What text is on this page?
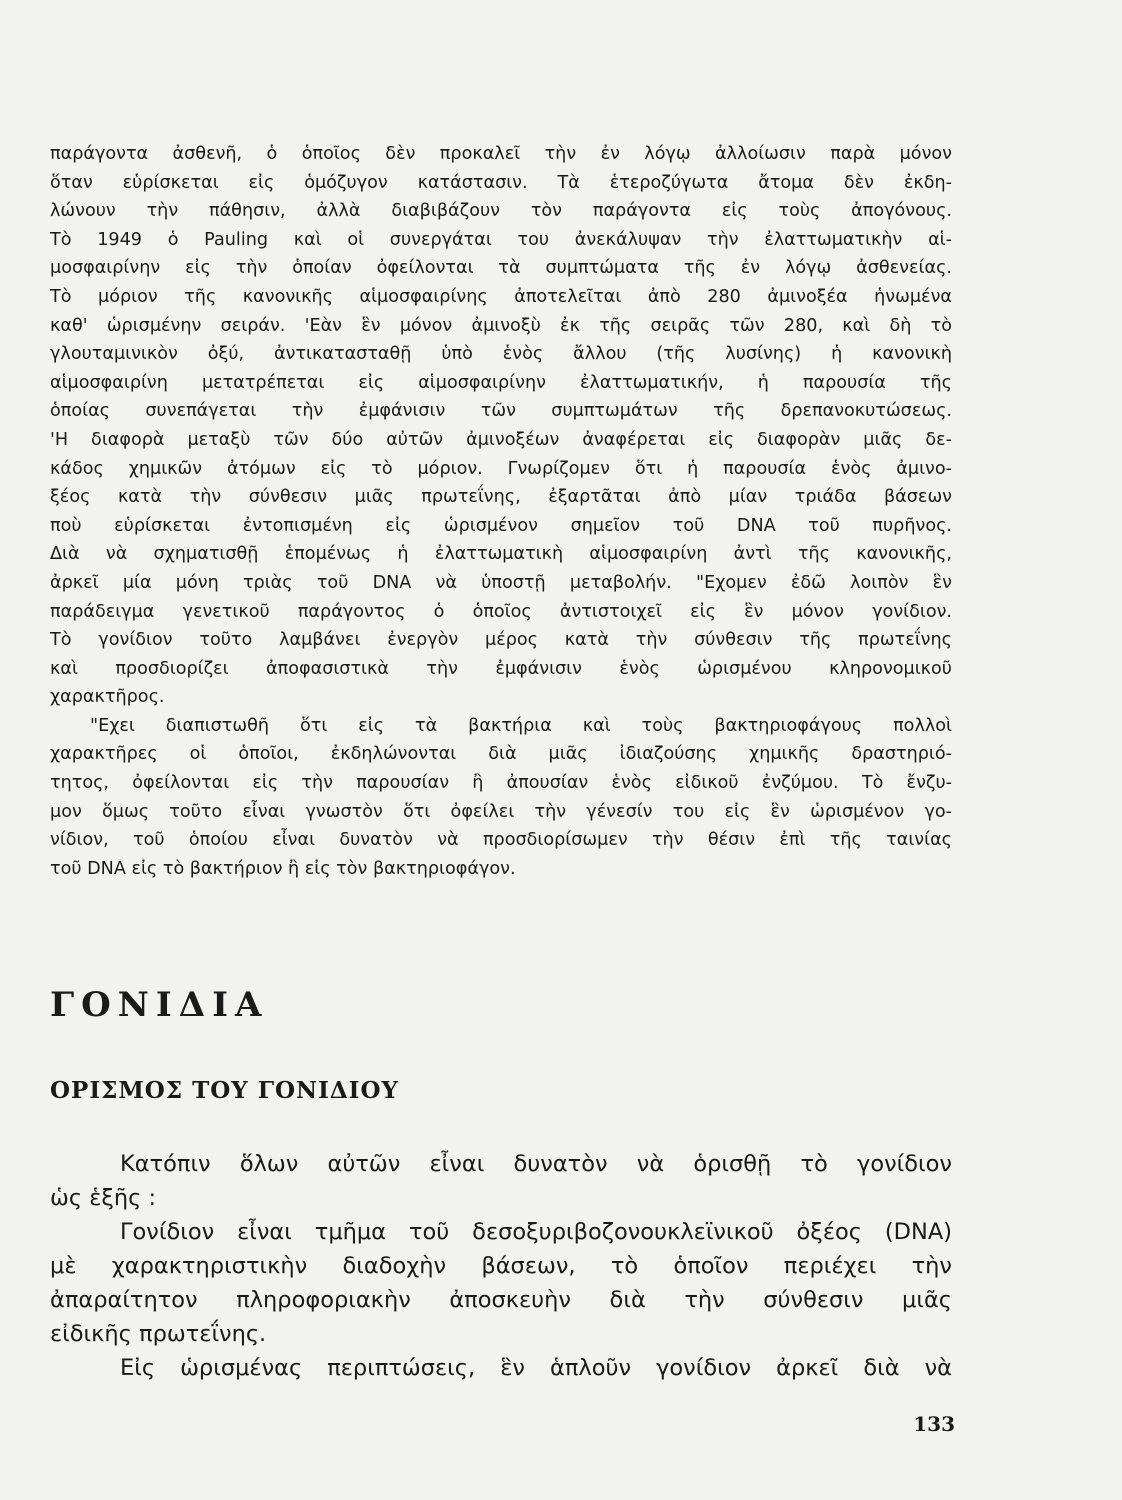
παράγοντα ἀσθενῆ, ὁ ὁποῖος δὲν προκαλεῖ τὴν ἐν λόγῳ ἀλλοίωσιν παρὰ μόνον
ὅταν εὑρίσκεται εἰς ὁμόζυγον κατάστασιν. Τὰ ἑτεροζύγωτα ἄτομα δὲν ἐκδη-
λώνουν τὴν πάθησιν, ἀλλὰ διαβιβάζουν τὸν παράγοντα εἰς τοὺς ἀπογόνους.
Τὸ 1949 ὁ Pauling καὶ οἱ συνεργάται του ἀνεκάλυψαν τὴν ἐλαττωματικὴν αἱ-
μοσφαιρίνην εἰς τὴν ὁποίαν ὀφείλονται τὰ συμπτώματα τῆς ἐν λόγῳ ἀσθενείας.
Τὸ μόριον τῆς κανονικῆς αἱμοσφαιρίνης ἀποτελεῖται ἀπὸ 280 ἀμινοξέα ἡνωμένα
καθ' ὡρισμένην σειράν. 'Εὰν ἓν μόνον ἀμινοξὺ ἐκ τῆς σειρᾶς τῶν 280, καὶ δὴ τὸ
γλουταμινικὸν ὀξύ, ἀντικατασταθῇ ὑπὸ ἑνὸς ἄλλου (τῆς λυσίνης) ἡ κανονικὴ
αἱμοσφαιρίνη μετατρέπεται εἰς αἱμοσφαιρίνην ἐλαττωματικήν, ἡ παρουσία τῆς
ὁποίας συνεπάγεται τὴν ἐμφάνισιν τῶν συμπτωμάτων τῆς δρεπανοκυτώσεως.
'Η διαφορὰ μεταξὺ τῶν δύο αὐτῶν ἀμινοξέων ἀναφέρεται εἰς διαφορὰν μιᾶς δε-
κάδος χημικῶν ἀτόμων εἰς τὸ μόριον. Γνωρίζομεν ὅτι ἡ παρουσία ἑνὸς ἀμινο-
ξέος κατὰ τὴν σύνθεσιν μιᾶς πρωτεΐνης, ἐξαρτᾶται ἀπὸ μίαν τριάδα βάσεων
ποὺ εὑρίσκεται ἐντοπισμένη εἰς ὡρισμένον σημεῖον τοῦ DNA τοῦ πυρῆνος.
Διὰ νὰ σχηματισθῇ ἑπομένως ἡ ἐλαττωματικὴ αἱμοσφαιρίνη ἀντὶ τῆς κανονικῆς,
ἀρκεῖ μία μόνη τριὰς τοῦ DNA νὰ ὑποστῇ μεταβολήν. "Εχομεν ἐδῶ λοιπὸν ἓν
παράδειγμα γενετικοῦ παράγοντος ὁ ὁποῖος ἀντιστοιχεῖ εἰς ἓν μόνον γονίδιον.
Τὸ γονίδιον τοῦτο λαμβάνει ἐνεργὸν μέρος κατὰ τὴν σύνθεσιν τῆς πρωτεΐνης
καὶ προσδιορίζει ἀποφασιστικὰ τὴν ἐμφάνισιν ἑνὸς ὡρισμένου κληρονομικοῦ
χαρακτῆρος.

"Εχει διαπιστωθῆ ὅτι εἰς τὰ βακτήρια καὶ τοὺς βακτηριοφάγους πολλοὶ
χαρακτῆρες οἱ ὁποῖοι, ἐκδηλώνονται διὰ μιᾶς ἰδιαζούσης χημικῆς δραστηριό-
τητος, ὀφείλονται εἰς τὴν παρουσίαν ἢ ἀπουσίαν ἑνὸς εἰδικοῦ ἐνζύμου. Τὸ ἔνζυ-
μον ὅμως τοῦτο εἶναι γνωστὸν ὅτι ὀφείλει τὴν γένεσίν του εἰς ἓν ὡρισμένον γο-
νίδιον, τοῦ ὁποίου εἶναι δυνατὸν νὰ προσδιορίσωμεν τὴν θέσιν ἐπὶ τῆς ταινίας
τοῦ DNA εἰς τὸ βακτήριον ἢ εἰς τὸν βακτηριοφάγον.

ΓΟΝΙΔΙΑ
ΟΡΙΣΜΟΣ ΤΟΥ ΓΟΝΙΔΙΟΥ

Κατόπιν ὅλων αὐτῶν εἶναι δυνατὸν νὰ ὁρισθῇ τὸ γονίδιον
ὡς ἑξῆς :

Γονίδιον εἶναι τμῆμα τοῦ δεσοξυριβοζονουκλεϊνικοῦ ὀξέος (DNA)
μὲ χαρακτηριστικὴν διαδοχὴν βάσεων, τὸ ὁποῖον περιέχει τὴν
ἀπαραίτητον πληροφοριακὴν ἀποσκευὴν διὰ τὴν σύνθεσιν μιᾶς
εἰδικῆς πρωτεΐνης.

Εἰς ὡρισμένας περιπτώσεις, ἓν ἁπλοῦν γονίδιον ἀρκεῖ διὰ νὰ

133
